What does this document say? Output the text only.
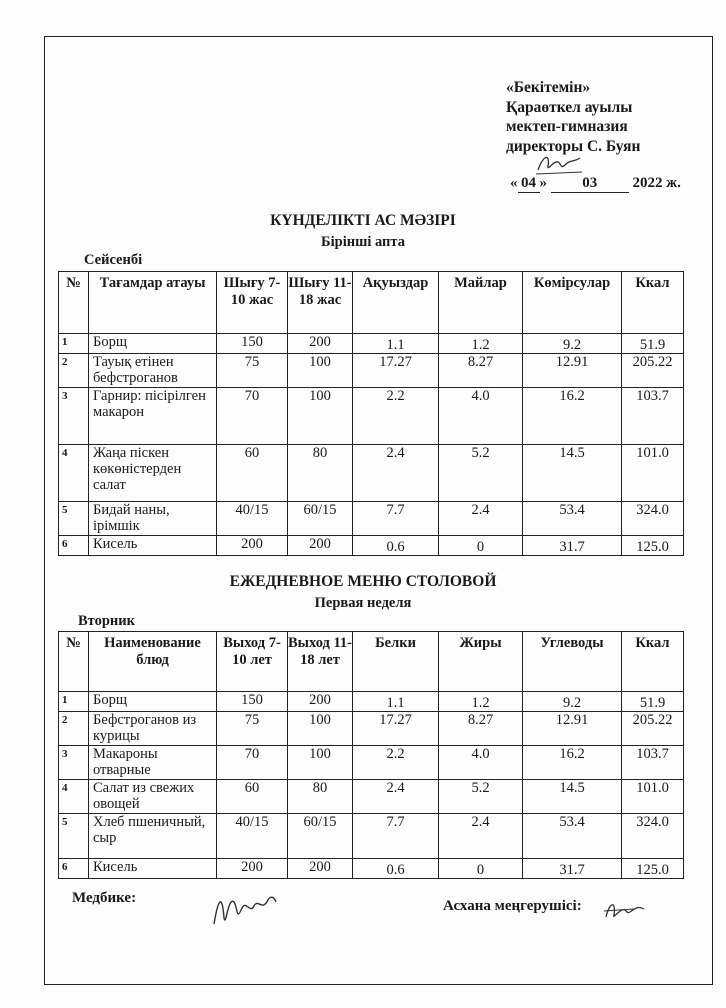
«Бекітемін»
Қараөткел ауылы
мектеп-гимназия
директоры С. Буян
« 04 » 03 2022 ж.
КҮНДЕЛІКТІ АС МӘЗІРІ
Бірінші апта
Сейсенбі
№	Тағамдар атауы	Шығу 7-10 жас	Шығу 11-18 жас	Ақуыздар	Майлар	Көмірсулар	Ккал
1	Борщ	150	200	1.1	1.2	9.2	51.9
2	Тауық етінен бефстроганов	75	100	17.27	8.27	12.91	205.22
3	Гарнир: пісірілген макарон	70	100	2.2	4.0	16.2	103.7
4	Жаңа піскен көкөністерден салат	60	80	2.4	5.2	14.5	101.0
5	Бидай наны, ірімшік	40/15	60/15	7.7	2.4	53.4	324.0
6	Кисель	200	200	0.6	0	31.7	125.0
ЕЖЕДНЕВНОЕ МЕНЮ СТОЛОВОЙ
Первая неделя
Вторник
№	Наименование блюд	Выход 7-10 лет	Выход 11-18 лет	Белки	Жиры	Углеводы	Ккал
1	Борщ	150	200	1.1	1.2	9.2	51.9
2	Бефстроганов из курицы	75	100	17.27	8.27	12.91	205.22
3	Макароны отварные	70	100	2.2	4.0	16.2	103.7
4	Салат из свежих овощей	60	80	2.4	5.2	14.5	101.0
5	Хлеб пшеничный, сыр	40/15	60/15	7.7	2.4	53.4	324.0
6	Кисель	200	200	0.6	0	31.7	125.0
Медбике:	Асхана меңгерушісі:
